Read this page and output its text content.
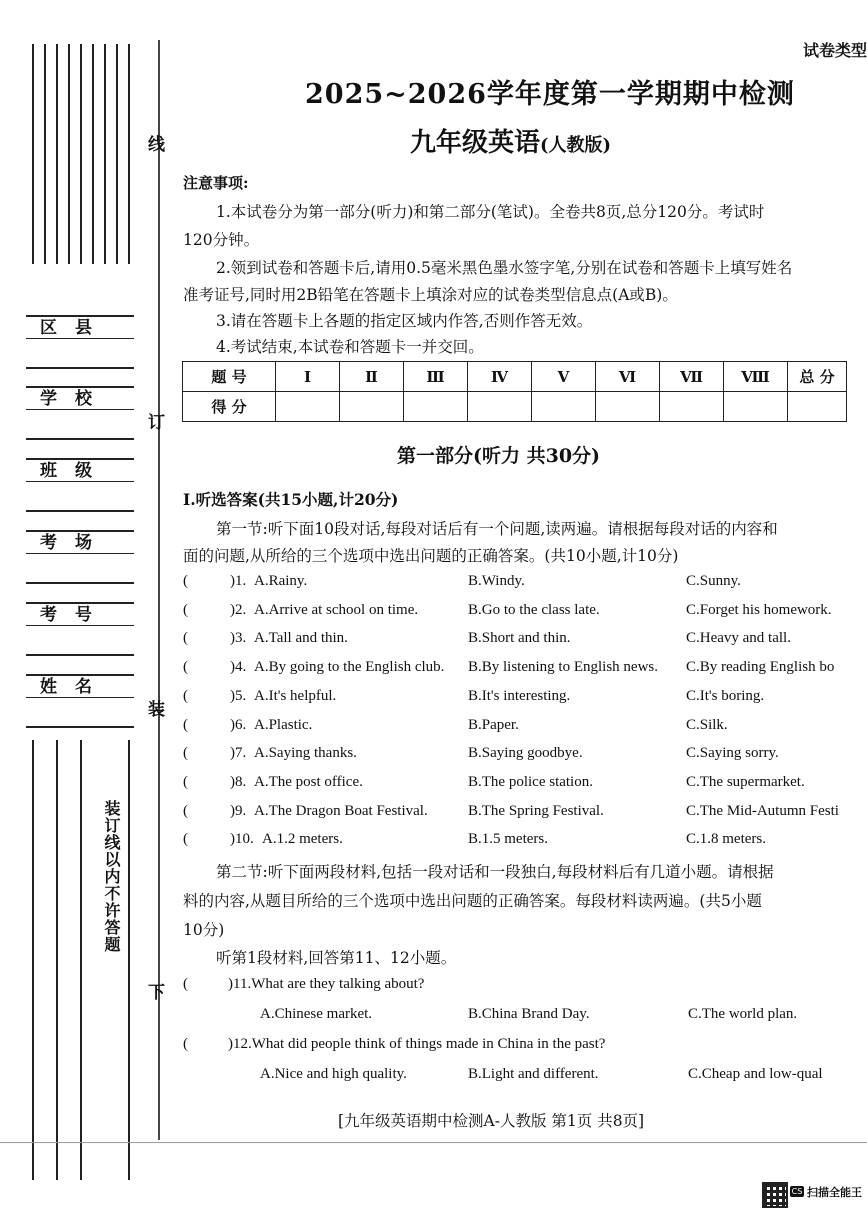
区县
学校
班级
考场
考号
姓名
线
订
装
下
装订线以内不许答题
试卷类型
2025~2026学年度第一学期期中检测
九年级英语(人教版)
注意事项:
1.本试卷分为第一部分(听力)和第二部分(笔试)。全卷共8页,总分120分。考试时
120分钟。
2.领到试卷和答题卡后,请用0.5毫米黑色墨水签字笔,分别在试卷和答题卡上填写姓名
准考证号,同时用2B铅笔在答题卡上填涂对应的试卷类型信息点(A或B)。
3.请在答题卡上各题的指定区域内作答,否则作答无效。
4.考试结束,本试卷和答题卡一并交回。
题 号	Ⅰ	Ⅱ	Ⅲ	Ⅳ	Ⅴ	Ⅵ	Ⅶ	Ⅷ	总 分
得 分									
第一部分(听力 共30分)
Ⅰ.听选答案(共15小题,计20分)
第一节:听下面10段对话,每段对话后有一个问题,读两遍。请根据每段对话的内容和
面的问题,从所给的三个选项中选出问题的正确答案。(共10小题,计10分)
(	)1. A.Rainy.	B.Windy.	C.Sunny.
(	)2. A.Arrive at school on time.	B.Go to the class late.	C.Forget his homework.
(	)3. A.Tall and thin.	B.Short and thin.	C.Heavy and tall.
(	)4. A.By going to the English club. B.By listening to English news. C.By reading English bo
(	)5. A.It's helpful.	B.It's interesting.	C.It's boring.
(	)6. A.Plastic.	B.Paper.	C.Silk.
(	)7. A.Saying thanks.	B.Saying goodbye.	C.Saying sorry.
(	)8. A.The post office.	B.The police station.	C.The supermarket.
(	)9. A.The Dragon Boat Festival.	B.The Spring Festival.	C.The Mid-Autumn Festi
(	)10. A.1.2 meters.	B.1.5 meters.	C.1.8 meters.
第二节:听下面两段材料,包括一段对话和一段独白,每段材料后有几道小题。请根据
料的内容,从题目所给的三个选项中选出问题的正确答案。每段材料读两遍。(共5小题
10分)
听第1段材料,回答第11、12小题。
(	)11.What are they talking about?
A.Chinese market.	B.China Brand Day.	C.The world plan.
(	)12.What did people think of things made in China in the past?
A.Nice and high quality.	B.Light and different.	C.Cheap and low-qual
[九年级英语期中检测A-人教版 第1页 共8页]
CS 扫描全能王
